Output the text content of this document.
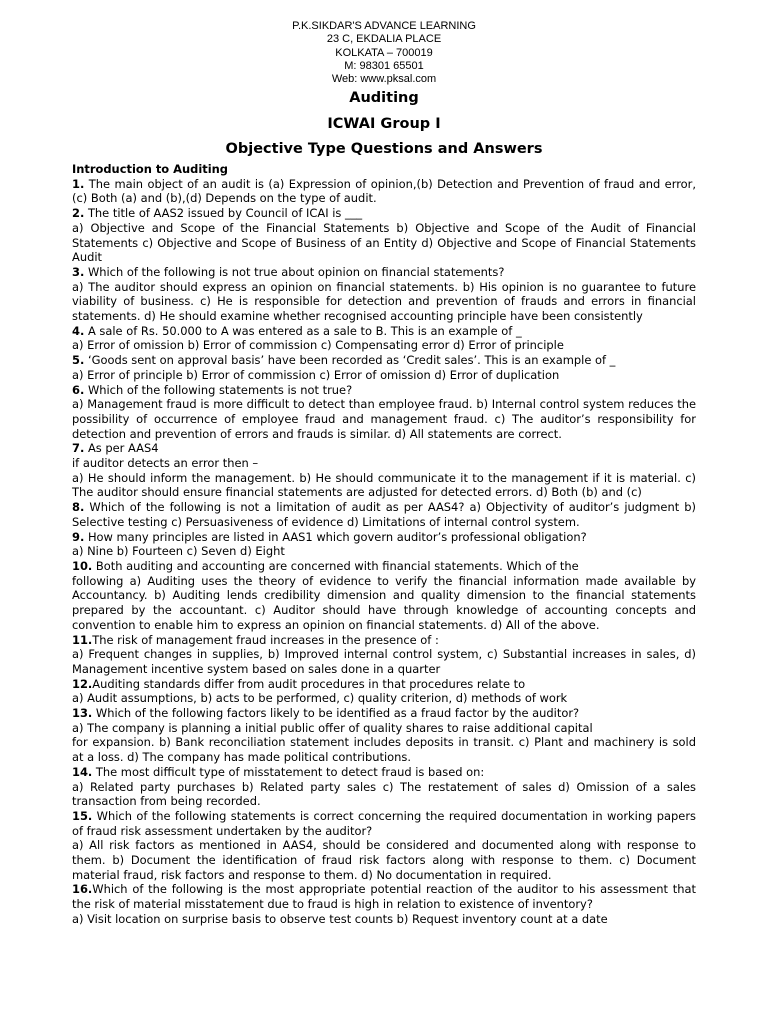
P.K.SIKDAR'S ADVANCE LEARNING
23 C, EKDALIA PLACE
KOLKATA – 700019
M: 98301 65501
Web: www.pksal.com
Auditing
ICWAI Group I
Objective Type Questions and Answers
Introduction to Auditing
1. The main object of an audit is (a) Expression of opinion,(b) Detection and Prevention of fraud and error,(c) Both (a) and (b),(d) Depends on the type of audit.
2. The title of AAS2 issued by Council of ICAI is ___
a) Objective and Scope of the Financial Statements b) Objective and Scope of the Audit of Financial Statements c) Objective and Scope of Business of an Entity d) Objective and Scope of Financial Statements Audit
3. Which of the following is not true about opinion on financial statements?
a) The auditor should express an opinion on financial statements. b) His opinion is no guarantee to future viability of business. c) He is responsible for detection and prevention of frauds and errors in financial statements. d) He should examine whether recognised accounting principle have been consistently
4. A sale of Rs. 50.000 to A was entered as a sale to B. This is an example of _
a) Error of omission b) Error of commission c) Compensating error d) Error of principle
5. ‘Goods sent on approval basis’ have been recorded as ‘Credit sales’. This is an example of _
a) Error of principle b) Error of commission c) Error of omission d) Error of duplication
6. Which of the following statements is not true?
a) Management fraud is more difficult to detect than employee fraud. b) Internal control system reduces the possibility of occurrence of employee fraud and management fraud. c) The auditor’s responsibility for detection and prevention of errors and frauds is similar. d) All statements are correct.
7. As per AAS4
if auditor detects an error then –
a) He should inform the management. b) He should communicate it to the management if it is material. c) The auditor should ensure financial statements are adjusted for detected errors. d) Both (b) and (c)
8. Which of the following is not a limitation of audit as per AAS4? a) Objectivity of auditor’s judgment b) Selective testing c) Persuasiveness of evidence d) Limitations of internal control system.
9. How many principles are listed in AAS1 which govern auditor’s professional obligation?
a) Nine b) Fourteen c) Seven d) Eight
10. Both auditing and accounting are concerned with financial statements. Which of the
following a) Auditing uses the theory of evidence to verify the financial information made available by Accountancy. b) Auditing lends credibility dimension and quality dimension to the financial statements prepared by the accountant. c) Auditor should have through knowledge of accounting concepts and convention to enable him to express an opinion on financial statements. d) All of the above.
11.The risk of management fraud increases in the presence of :
a) Frequent changes in supplies, b) Improved internal control system, c) Substantial increases in sales, d) Management incentive system based on sales done in a quarter
12.Auditing standards differ from audit procedures in that procedures relate to
a) Audit assumptions, b) acts to be performed, c) quality criterion, d) methods of work
13. Which of the following factors likely to be identified as a fraud factor by the auditor?
a) The company is planning a initial public offer of quality shares to raise additional capital
for expansion. b) Bank reconciliation statement includes deposits in transit. c) Plant and machinery is sold at a loss. d) The company has made political contributions.
14. The most difficult type of misstatement to detect fraud is based on:
a) Related party purchases b) Related party sales c) The restatement of sales d) Omission of a sales transaction from being recorded.
15. Which of the following statements is correct concerning the required documentation in working papers of fraud risk assessment undertaken by the auditor?
a) All risk factors as mentioned in AAS4, should be considered and documented along with response to them. b) Document the identification of fraud risk factors along with response to them. c) Document material fraud, risk factors and response to them. d) No documentation in required.
16.Which of the following is the most appropriate potential reaction of the auditor to his assessment that the risk of material misstatement due to fraud is high in relation to existence of inventory?
a) Visit location on surprise basis to observe test counts b) Request inventory count at a date
